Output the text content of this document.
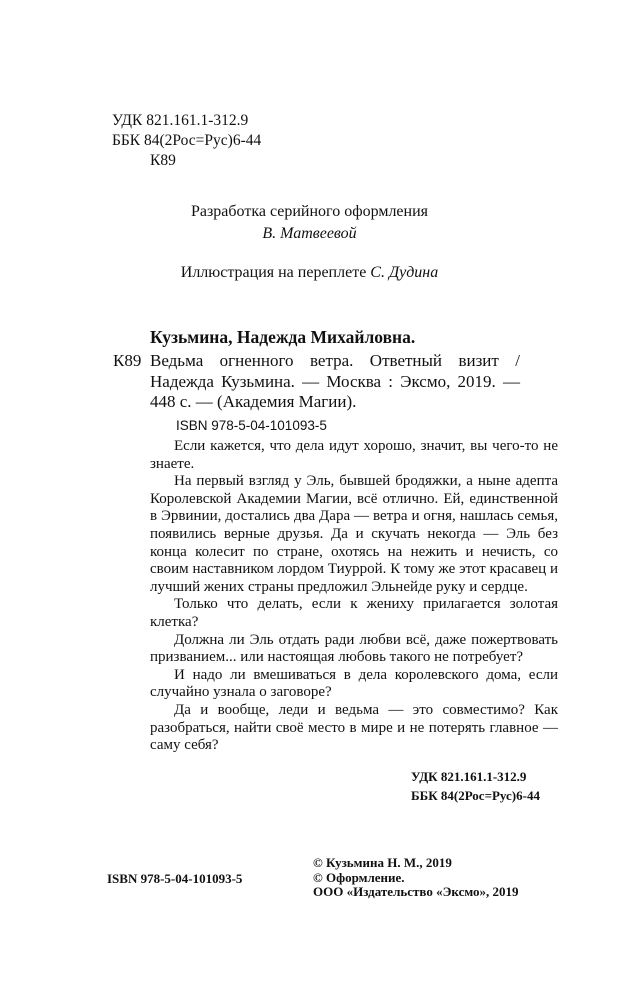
УДК 821.161.1-312.9
ББК 84(2Рос=Рус)6-44
К89
Разработка серийного оформления
В. Матвеевой
Иллюстрация на переплете С. Дудина
Кузьмина, Надежда Михайловна.
К89 Ведьма огненного ветра. Ответный визит / Надежда Кузьмина. — Москва : Эксмо, 2019. — 448 с. — (Академия Магии).
ISBN 978-5-04-101093-5

Если кажется, что дела идут хорошо, значит, вы чего-то не знаете.

На первый взгляд у Эль, бывшей бродяжки, а ныне адепта Королевской Академии Магии, всё отлично. Ей, единственной в Эрвинии, достались два Дара — ветра и огня, нашлась семья, появились верные друзья. Да и скучать некогда — Эль без конца колесит по стране, охотясь на нежить и нечисть, со своим наставником лордом Тиуррой. К тому же этот красавец и лучший жених страны предложил Эльнейде руку и сердце.

Только что делать, если к жениху прилагается золотая клетка?

Должна ли Эль отдать ради любви всё, даже пожертвовать призванием... или настоящая любовь такого не потребует?

И надо ли вмешиваться в дела королевского дома, если случайно узнала о заговоре?

Да и вообще, леди и ведьма — это совместимо? Как разобраться, найти своё место в мире и не потерять главное — саму себя?

УДК 821.161.1-312.9
ББК 84(2Рос=Рус)6-44
© Кузьмина Н. М., 2019
© Оформление.
ООО «Издательство «Эксмо», 2019
ISBN 978-5-04-101093-5
